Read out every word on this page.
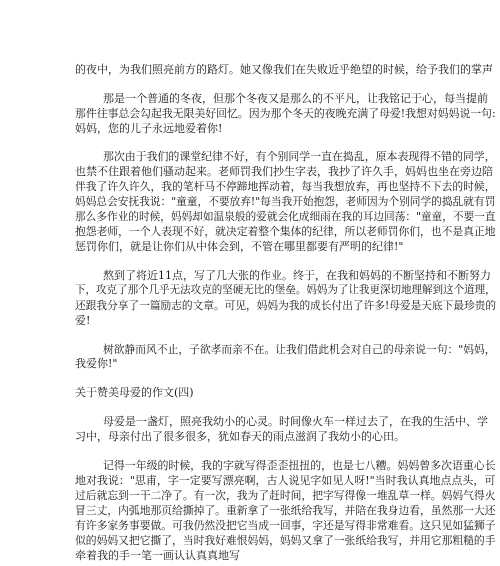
的夜中，为我们照亮前方的路灯。她又像我们在失败近乎绝望的时候，给予我们的掌声
那是一个普通的冬夜，但那个冬夜又是那么的不平凡，让我铭记于心，每当提前
那件往事总会勾起我无限美好回忆。因为那个冬天的夜晚充满了母爱!我想对妈妈说一句:
妈妈，您的儿子永远地爱着你!
那次由于我们的课堂纪律不好，有个别同学一直在捣乱，原本表现得不错的同学，
也禁不住跟着他们骚动起来。老师罚我们抄生字表，我抄了许久手，妈妈也坐在旁边陪
伴我了许久许久，我的笔杆马不停蹄地挥动着，每当我想放弃，再也坚持不下去的时候，
妈妈总会安抚我说："童童，不要放弃!"每当我开始抱怨，老师因为个别同学的捣乱就有罚
那么多作业的时候，妈妈却如温泉般的爱就会化成细雨在我的耳边回荡："童童，不要一直
抱怨老师，一个人表现不好，就决定着整个集体的纪律，所以老师罚你们，也不是真正地
惩罚你们，就是让你们从中体会到，不管在哪里都要有严明的纪律!"
熬到了将近11点，写了几大张的作业。终于，在我和妈妈的不断坚持和不断努力
下，攻克了那个几乎无法攻克的坚硬无比的堡垒。妈妈为了让我更深切地理解到这个道理，
还跟我分享了一篇励志的文章。可见，妈妈为我的成长付出了许多!母爱是天底下最珍贵的
爱!
树欲静而风不止，子欲孝而亲不在。让我们借此机会对自己的母亲说一句："妈妈，
我爱你!"
关于赞美母爱的作文(四)
母爱是一盏灯，照亮我幼小的心灵。时间像火车一样过去了，在我的生活中、学
习中，母亲付出了很多很多，犹如春天的雨点滋润了我幼小的心田。
记得一年级的时候，我的字就写得歪歪扭扭的，也是七八糟。妈妈曾多次语重心长
地对我说："思甫，字一定要写漂亮啊，古人说见字如见人呀!"当时我认真地点点头，可
过后就忘到一干二净了。有一次，我为了赶时间，把字写得像一堆乱草一样。妈妈气得火
冒三丈，内弧地那页给撕掉了。重新拿了一张纸给我写，并陪在我身边看，虽然那一大还
有许多家务事要做。可我仍然没把它当成一回事，字还是写得非常难看。这只见如猛狮子
似的妈妈又把它撕了，当时我好难恨妈妈，妈妈又拿了一张纸给我写，并用它那粗糙的手
牵着我的手一笔一画认认真真地写
